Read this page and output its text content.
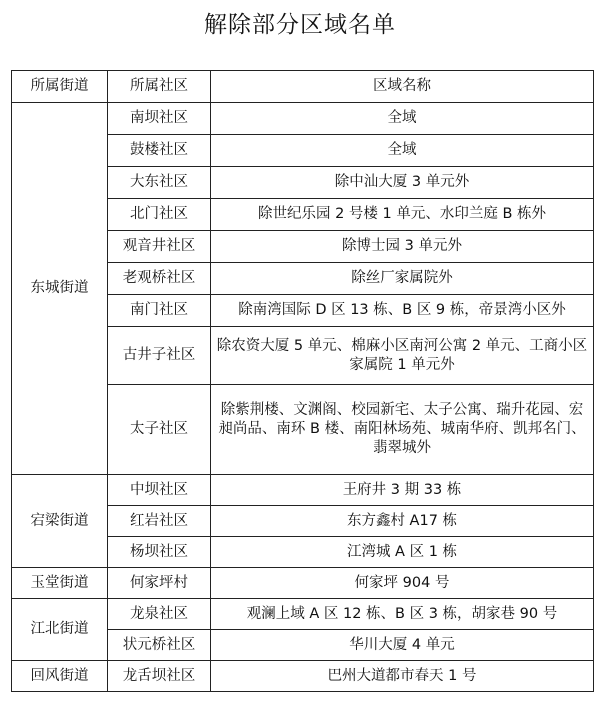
解除部分区域名单
所属街道	所属社区	区域名称
东城街道	南坝社区	全域
	鼓楼社区	全域
	大东社区	除中汕大厦 3 单元外
	北门社区	除世纪乐园 2 号楼 1 单元、水印兰庭 B 栋外
	观音井社区	除博士园 3 单元外
	老观桥社区	除丝厂家属院外
	南门社区	除南湾国际 D 区 13 栋、B 区 9 栋，帝景湾小区外
	古井子社区	除农资大厦 5 单元、棉麻小区南河公寓 2 单元、工商小区家属院 1 单元外
	太子社区	除紫荆楼、文渊阁、校园新宅、太子公寓、瑞升花园、宏昶尚品、南环 B 楼、南阳林场苑、城南华府、凯邦名门、翡翠城外
宕梁街道	中坝社区	王府井 3 期 33 栋
	红岩社区	东方鑫村 A17 栋
	杨坝社区	江湾城 A 区 1 栋
玉堂街道	何家坪村	何家坪 904 号
江北街道	龙泉社区	观澜上域 A 区 12 栋、B 区 3 栋，胡家巷 90 号
	状元桥社区	华川大厦 4 单元
回风街道	龙舌坝社区	巴州大道都市春天 1 号
